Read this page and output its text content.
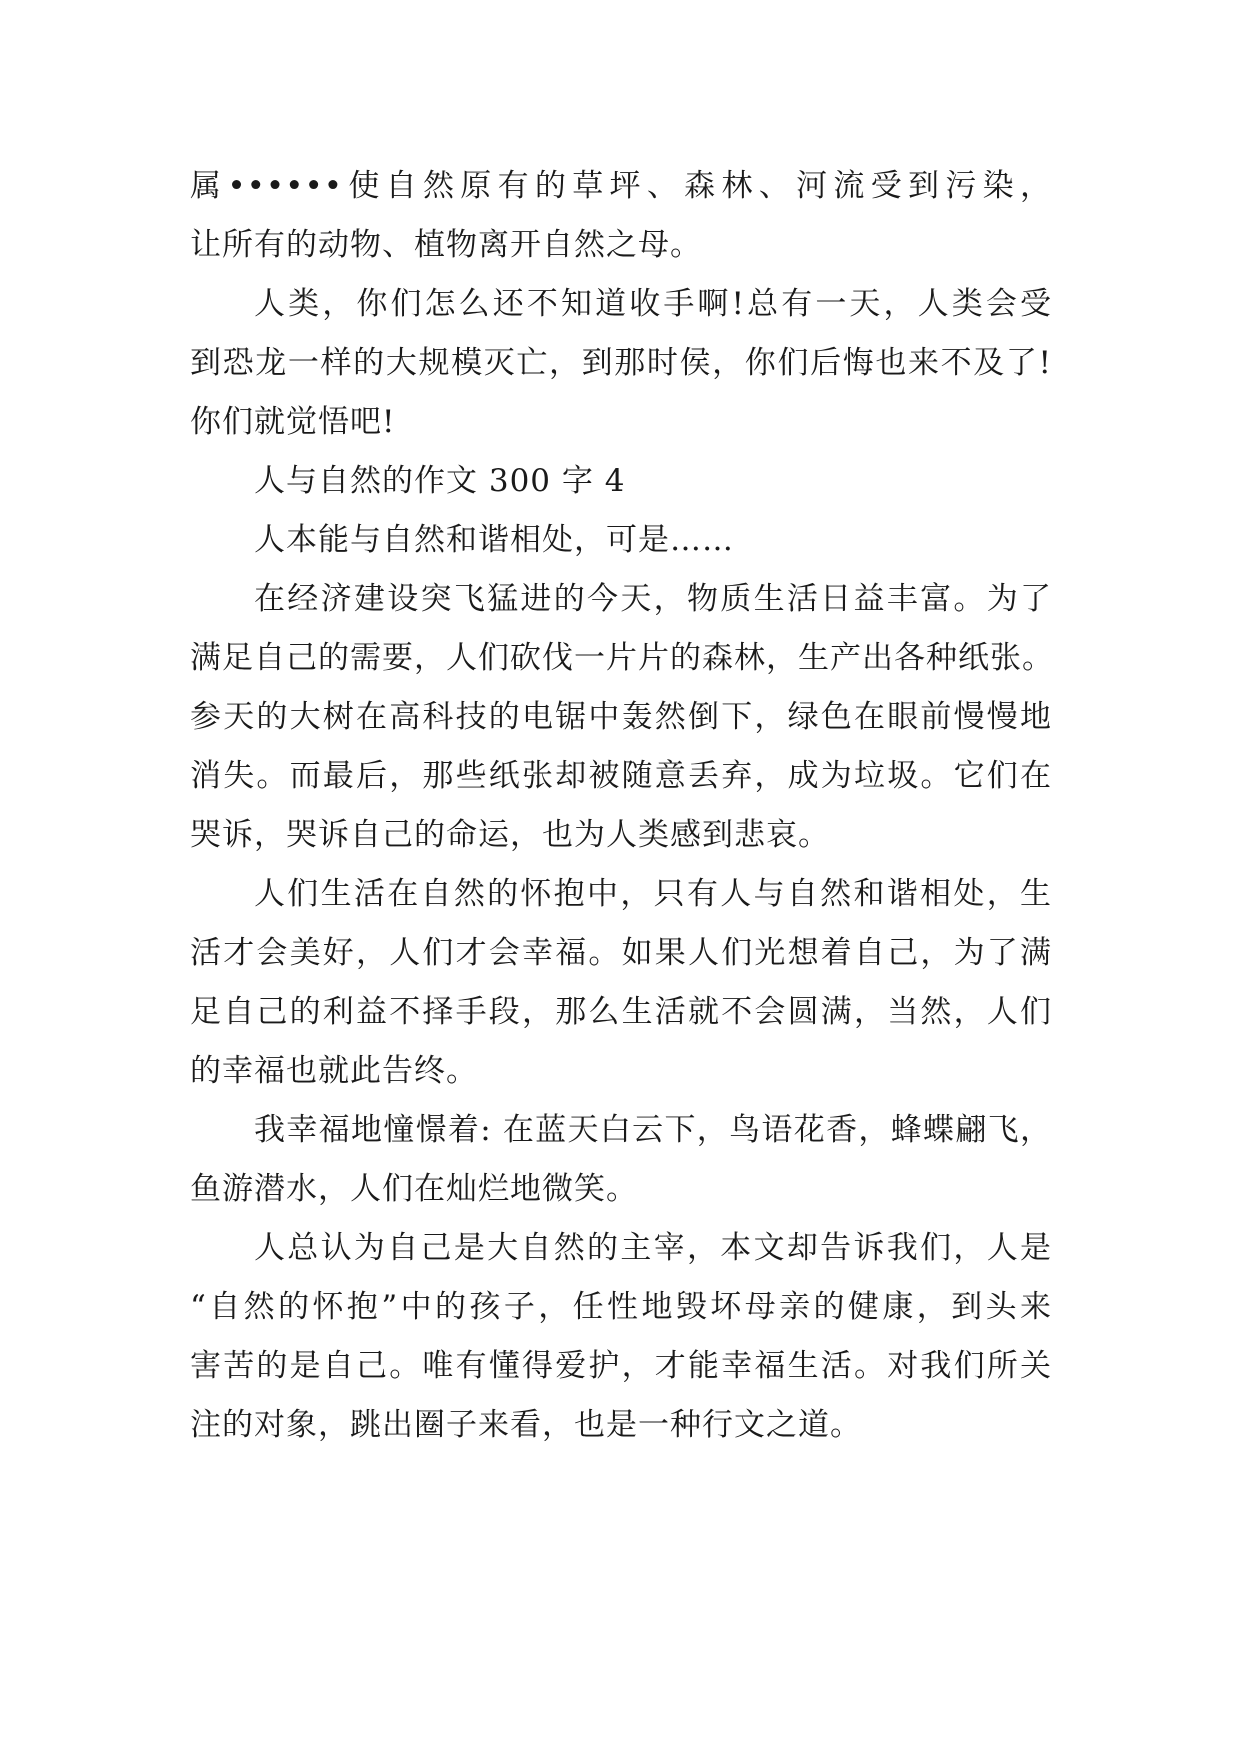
属••••••使自然原有的草坪、森林、河流受到污染，
让所有的动物、植物离开自然之母。
人类，你们怎么还不知道收手啊!总有一天，人类会受
到恐龙一样的大规模灭亡，到那时侯，你们后悔也来不及了!
你们就觉悟吧!
人与自然的作文 300 字 4
人本能与自然和谐相处，可是……
在经济建设突飞猛进的今天，物质生活日益丰富。为了
满足自己的需要，人们砍伐一片片的森林，生产出各种纸张。
参天的大树在高科技的电锯中轰然倒下，绿色在眼前慢慢地
消失。而最后，那些纸张却被随意丢弃，成为垃圾。它们在
哭诉，哭诉自己的命运，也为人类感到悲哀。
人们生活在自然的怀抱中，只有人与自然和谐相处，生
活才会美好，人们才会幸福。如果人们光想着自己，为了满
足自己的利益不择手段，那么生活就不会圆满，当然，人们
的幸福也就此告终。
我幸福地憧憬着: 在蓝天白云下，鸟语花香，蜂蝶翩飞，
鱼游潜水，人们在灿烂地微笑。
人总认为自己是大自然的主宰，本文却告诉我们，人是
“自然的怀抱”中的孩子，任性地毁坏母亲的健康，到头来
害苦的是自己。唯有懂得爱护，才能幸福生活。对我们所关
注的对象，跳出圈子来看，也是一种行文之道。
